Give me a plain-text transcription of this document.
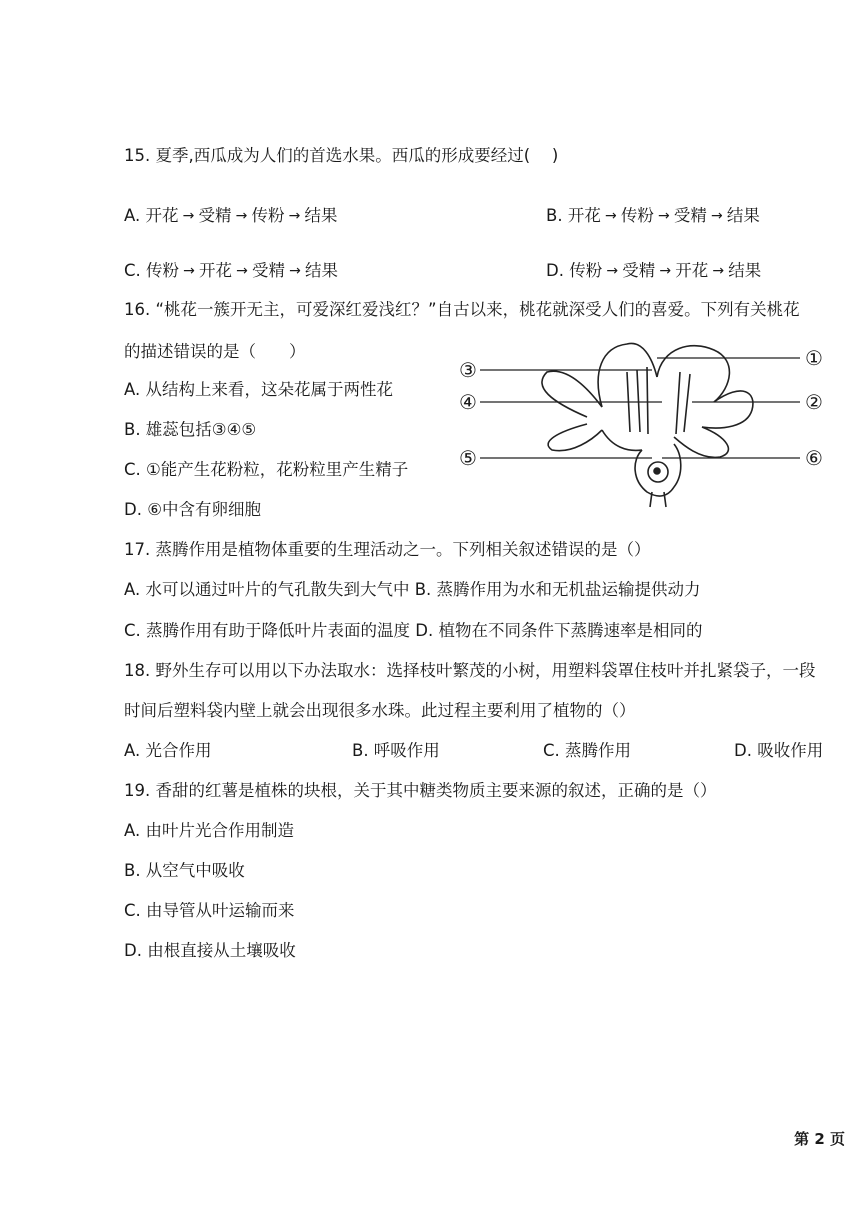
15. 夏季,西瓜成为人们的首选水果。西瓜的形成要经过(　 )
A. 开花 受精 传粉 结果	B. 开花 传粉 受精 结果
C. 传粉 开花 受精 结果	D. 传粉 受精 开花 结果
16. “桃花一簇开无主，可爱深红爱浅红？”自古以来，桃花就深受人们的喜爱。下列有关桃花
的描述错误的是（　　）
A. 从结构上来看，这朵花属于两性花
B. 雄蕊包括③④⑤
C. ①能产生花粉粒，花粉粒里产生精子
D. ⑥中含有卵细胞
③
④
⑤
①
②
⑥
17. 蒸腾作用是植物体重要的生理活动之一。下列相关叙述错误的是（）
A. 水可以通过叶片的气孔散失到大气中 B. 蒸腾作用为水和无机盐运输提供动力
C. 蒸腾作用有助于降低叶片表面的温度 D. 植物在不同条件下蒸腾速率是相同的
18. 野外生存可以用以下办法取水：选择枝叶繁茂的小树，用塑料袋罩住枝叶并扎紧袋子，一段
时间后塑料袋内壁上就会出现很多水珠。此过程主要利用了植物的（）
A. 光合作用	B. 呼吸作用	C. 蒸腾作用	D. 吸收作用
19. 香甜的红薯是植株的块根，关于其中糖类物质主要来源的叙述，正确的是（）
A. 由叶片光合作用制造
B. 从空气中吸收
C. 由导管从叶运输而来
D. 由根直接从土壤吸收
第 2 页
